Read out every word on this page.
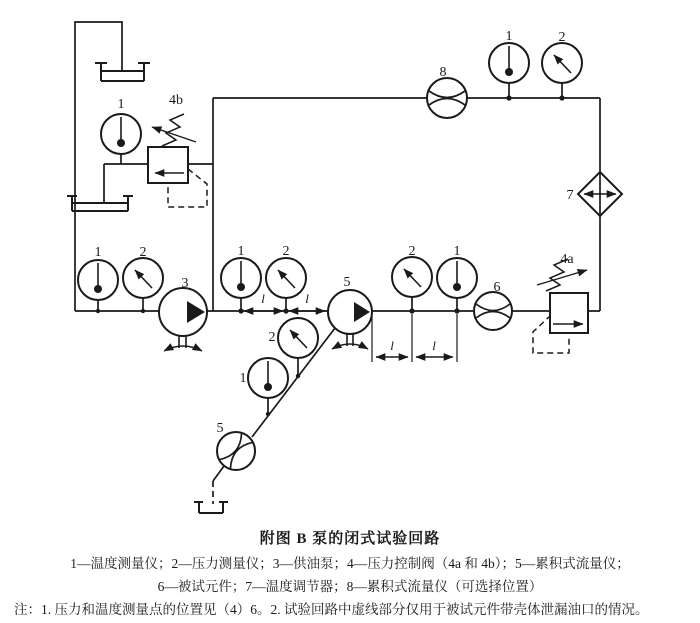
l	l
l	l
1
1	2	1	2	2	1
1	2
2
1
3	5
8
6
5
4b
4a
7
附图 B 泵的闭式试验回路
1—温度测量仪；2—压力测量仪；3—供油泵；4—压力控制阀（4a 和 4b）；5—累积式流量仪；
6—被试元件；7—温度调节器；8—累积式流量仪（可选择位置）
注：1. 压力和温度测量点的位置见（4）6。2. 试验回路中虚线部分仅用于被试元件带壳体泄漏油口的情况。
